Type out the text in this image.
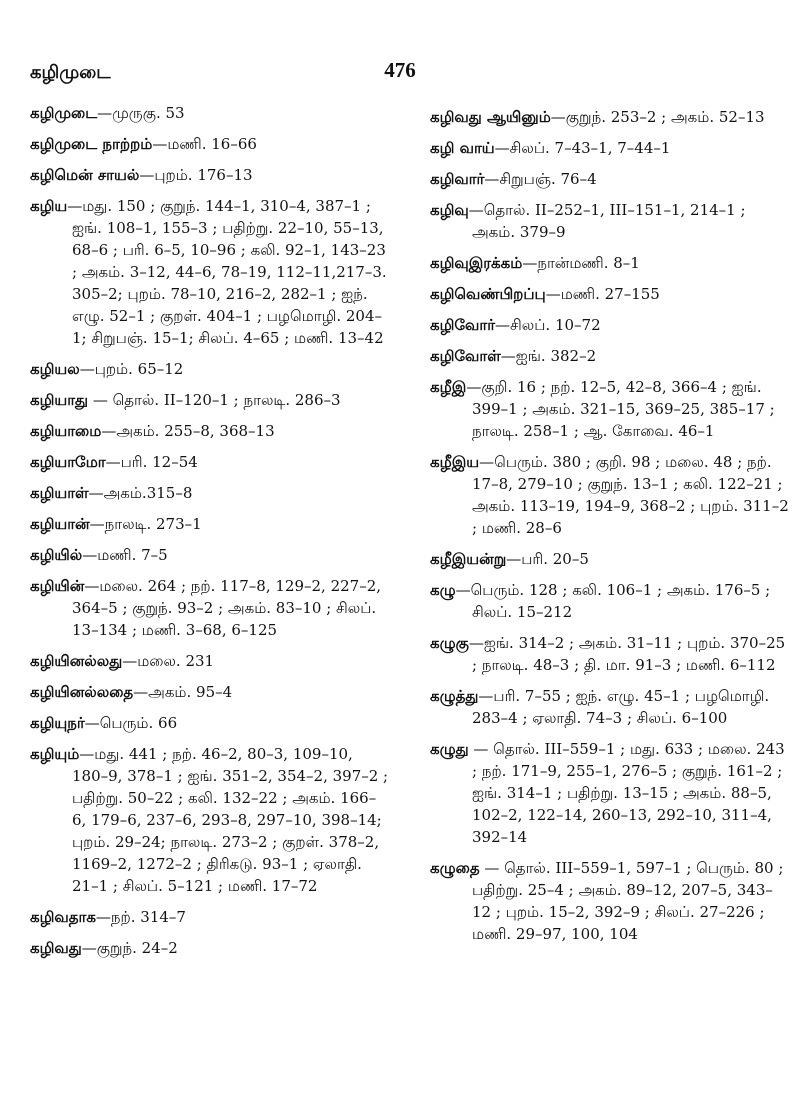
கழிமுடை	476
கழிமுடை—முருகு. 53
கழிமுடை நாற்றம்—மணி. 16–66
கழிமென் சாயல்—புறம். 176–13
கழிய—மது. 150 ; குறுந். 144–1, 310–4, 387–1 ; ஐங். 108–1, 155–3 ; பதிற்று. 22–10, 55–13, 68–6 ; பரி. 6–5, 10–96 ; கலி. 92–1, 143–23 ; அகம். 3–12, 44–6, 78–19, 112–11,217–3. 305–2; புறம். 78–10, 216–2, 282–1 ; ஐந். எழு. 52–1 ; குறள். 404–1 ; பழமொழி. 204–1; சிறுபஞ். 15–1; சிலப். 4–65 ; மணி. 13–42
கழியல—புறம். 65–12
கழியாது — தொல். II–120–1 ; நாலடி. 286–3
கழியாமை—அகம். 255–8, 368–13
கழியாமோ—பரி. 12–54
கழியாள்—அகம்.315–8
கழியான்—நாலடி. 273–1
கழியில்—மணி. 7–5
கழியின்—மலை. 264 ; நற். 117–8, 129–2, 227–2, 364–5 ; குறுந். 93–2 ; அகம். 83–10 ; சிலப். 13–134 ; மணி. 3–68, 6–125
கழியினல்லது—மலை. 231
கழியினல்லதை—அகம். 95–4
கழியுநர்—பெரும். 66
கழியும்—மது. 441 ; நற். 46–2, 80–3, 109–10, 180–9, 378–1 ; ஐங். 351–2, 354–2, 397–2 ; பதிற்று. 50–22 ; கலி. 132–22 ; அகம். 166–6, 179–6, 237–6, 293–8, 297–10, 398–14; புறம். 29–24; நாலடி. 273–2 ; குறள். 378–2, 1169–2, 1272–2 ; திரிகடு. 93–1 ; ஏலாதி. 21–1 ; சிலப். 5–121 ; மணி. 17–72
கழிவதாக—நற். 314–7
கழிவது—குறுந். 24–2
கழிவது ஆயினும்—குறுந். 253–2 ; அகம். 52–13
கழி வாய்—சிலப். 7–43–1, 7–44–1
கழிவார்—சிறுபஞ். 76–4
கழிவு—தொல். II–252–1, III–151–1, 214–1 ; அகம். 379–9
கழிவுஇரக்கம்—நான்மணி. 8–1
கழிவெண்பிறப்பு—மணி. 27–155
கழிவோர்—சிலப். 10–72
கழிவோள்—ஐங். 382–2
கழீஇ—குறி. 16 ; நற். 12–5, 42–8, 366–4 ; ஐங். 399–1 ; அகம். 321–15, 369–25, 385–17 ; நாலடி. 258–1 ; ஆ. கோவை. 46–1
கழீஇய—பெரும். 380 ; குறி. 98 ; மலை. 48 ; நற். 17–8, 279–10 ; குறுந். 13–1 ; கலி. 122–21 ; அகம். 113–19, 194–9, 368–2 ; புறம். 311–2 ; மணி. 28–6
கழீஇயன்று—பரி. 20–5
கழு—பெரும். 128 ; கலி. 106–1 ; அகம். 176–5 ; சிலப். 15–212
கழுகு—ஐங். 314–2 ; அகம். 31–11 ; புறம். 370–25 ; நாலடி. 48–3 ; தி. மா. 91–3 ; மணி. 6–112
கழுத்து—பரி. 7–55 ; ஐந். எழு. 45–1 ; பழமொழி. 283–4 ; ஏலாதி. 74–3 ; சிலப். 6–100
கழுது — தொல். III–559–1 ; மது. 633 ; மலை. 243 ; நற். 171–9, 255–1, 276–5 ; குறுந். 161–2 ; ஐங். 314–1 ; பதிற்று. 13–15 ; அகம். 88–5, 102–2, 122–14, 260–13, 292–10, 311–4, 392–14
கழுதை — தொல். III–559–1, 597–1 ; பெரும். 80 ; பதிற்று. 25–4 ; அகம். 89–12, 207–5, 343–12 ; புறம். 15–2, 392–9 ; சிலப். 27–226 ; மணி. 29–97, 100, 104
